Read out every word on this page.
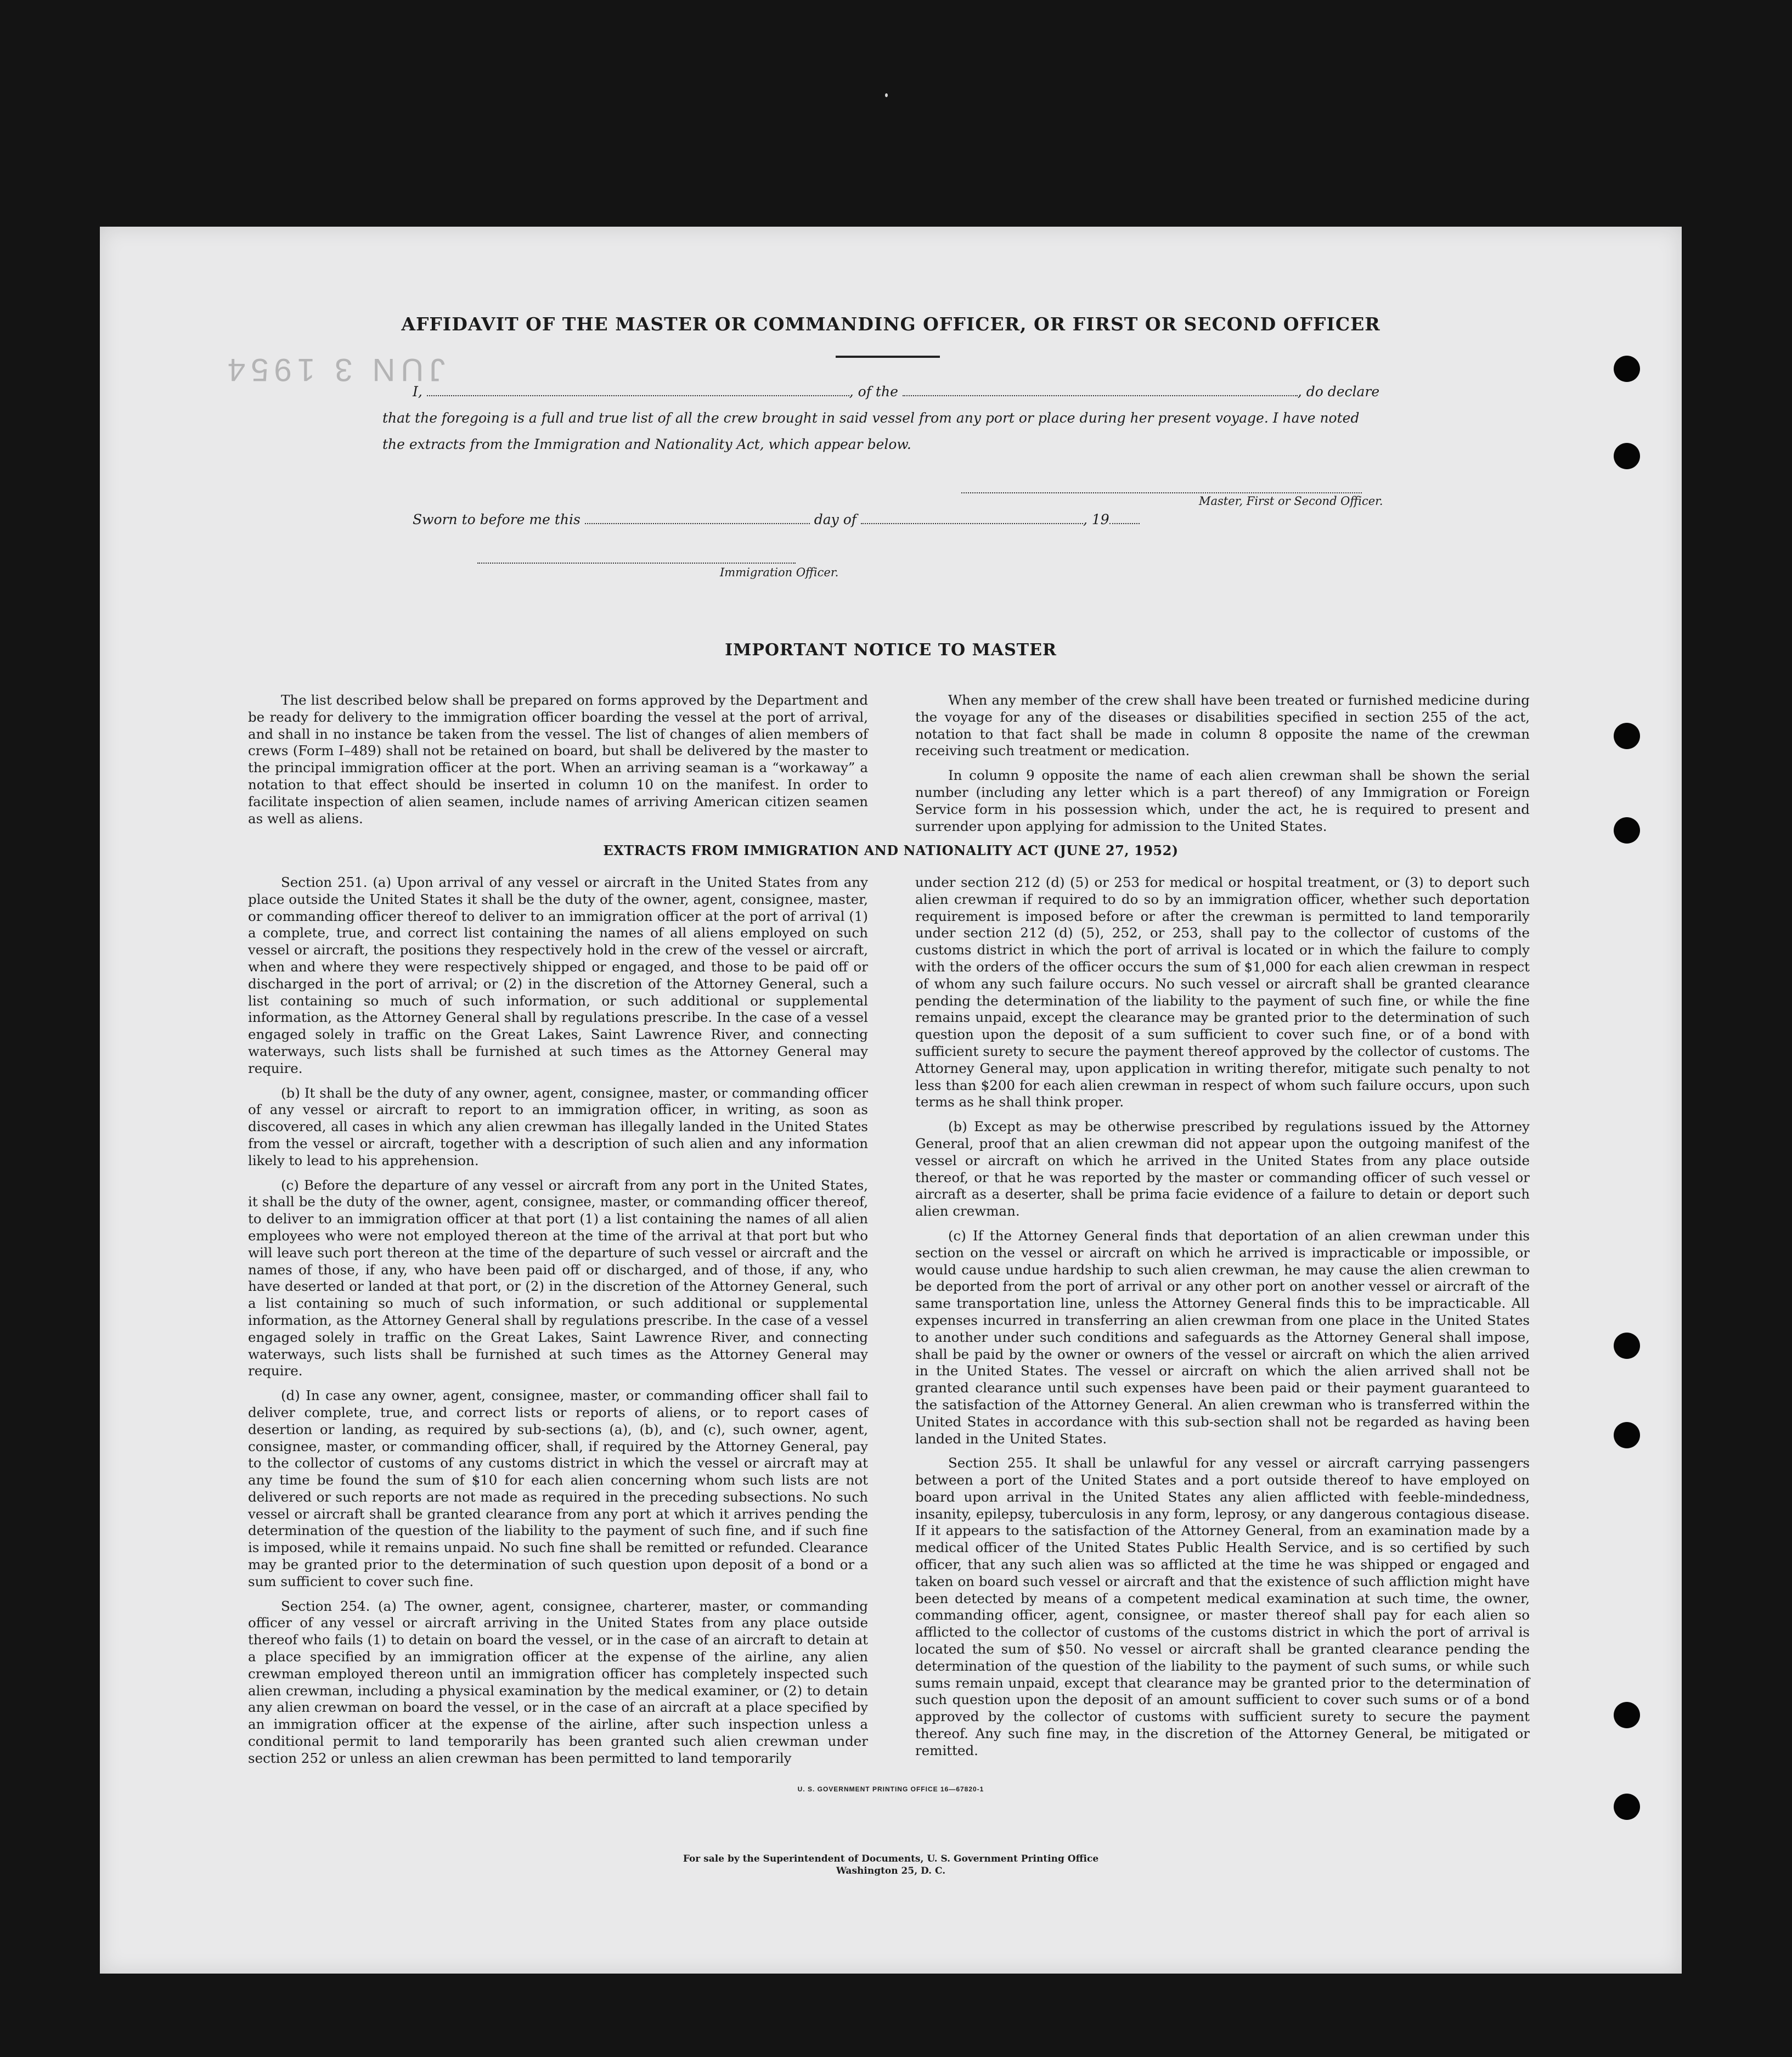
JUN 3 1954
AFFIDAVIT OF THE MASTER OR COMMANDING OFFICER, OR FIRST OR SECOND OFFICER
I,	, of the	, do declare
that the foregoing is a full and true list of all the crew brought in said vessel from any port or place during her present voyage. I have noted
the extracts from the Immigration and Nationality Act, which appear below.
Master, First or Second Officer.
Sworn to before me this	day of	, 19
Immigration Officer.
IMPORTANT NOTICE TO MASTER

The list described below shall be prepared on forms approved by the Department and be ready for delivery to the immigration officer boarding the vessel at the port of arrival, and shall in no instance be taken from the vessel. The list of changes of alien members of crews (Form I–489) shall not be retained on board, but shall be delivered by the master to the principal immigration officer at the port. When an arriving seaman is a “workaway” a notation to that effect should be inserted in column 10 on the manifest. In order to facilitate inspection of alien seamen, include names of arriving American citizen seamen as well as aliens.

When any member of the crew shall have been treated or furnished medicine during the voyage for any of the diseases or disabilities specified in section 255 of the act, notation to that fact shall be made in column 8 opposite the name of the crewman receiving such treatment or medication.

In column 9 opposite the name of each alien crewman shall be shown the serial number (including any letter which is a part thereof) of any Immigration or Foreign Service form in his possession which, under the act, he is required to present and surrender upon applying for admission to the United States.

EXTRACTS FROM IMMIGRATION AND NATIONALITY ACT (JUNE 27, 1952)

Section 251. (a) Upon arrival of any vessel or aircraft in the United States from any place outside the United States it shall be the duty of the owner, agent, consignee, master, or commanding officer thereof to deliver to an immigration officer at the port of arrival (1) a complete, true, and correct list containing the names of all aliens employed on such vessel or aircraft, the positions they respectively hold in the crew of the vessel or aircraft, when and where they were respectively shipped or engaged, and those to be paid off or discharged in the port of arrival; or (2) in the discretion of the Attorney General, such a list containing so much of such information, or such additional or supplemental information, as the Attorney General shall by regulations prescribe. In the case of a vessel engaged solely in traffic on the Great Lakes, Saint Lawrence River, and connecting waterways, such lists shall be furnished at such times as the Attorney General may require.

(b) It shall be the duty of any owner, agent, consignee, master, or commanding officer of any vessel or aircraft to report to an immigration officer, in writing, as soon as discovered, all cases in which any alien crewman has illegally landed in the United States from the vessel or aircraft, together with a description of such alien and any information likely to lead to his apprehension.

(c) Before the departure of any vessel or aircraft from any port in the United States, it shall be the duty of the owner, agent, consignee, master, or commanding officer thereof, to deliver to an immigration officer at that port (1) a list containing the names of all alien employees who were not employed thereon at the time of the arrival at that port but who will leave such port thereon at the time of the departure of such vessel or aircraft and the names of those, if any, who have been paid off or discharged, and of those, if any, who have deserted or landed at that port, or (2) in the discretion of the Attorney General, such a list containing so much of such information, or such additional or supplemental information, as the Attorney General shall by regulations prescribe. In the case of a vessel engaged solely in traffic on the Great Lakes, Saint Lawrence River, and connecting waterways, such lists shall be furnished at such times as the Attorney General may require.

(d) In case any owner, agent, consignee, master, or commanding officer shall fail to deliver complete, true, and correct lists or reports of aliens, or to report cases of desertion or landing, as required by sub-sections (a), (b), and (c), such owner, agent, consignee, master, or commanding officer, shall, if required by the Attorney General, pay to the collector of customs of any customs district in which the vessel or aircraft may at any time be found the sum of $10 for each alien concerning whom such lists are not delivered or such reports are not made as required in the preceding subsections. No such vessel or aircraft shall be granted clearance from any port at which it arrives pending the determination of the question of the liability to the payment of such fine, and if such fine is imposed, while it remains unpaid. No such fine shall be remitted or refunded. Clearance may be granted prior to the determination of such question upon deposit of a bond or a sum sufficient to cover such fine.

Section 254. (a) The owner, agent, consignee, charterer, master, or commanding officer of any vessel or aircraft arriving in the United States from any place outside thereof who fails (1) to detain on board the vessel, or in the case of an aircraft to detain at a place specified by an immigration officer at the expense of the airline, any alien crewman employed thereon until an immigration officer has completely inspected such alien crewman, including a physical examination by the medical examiner, or (2) to detain any alien crewman on board the vessel, or in the case of an aircraft at a place specified by an immigration officer at the expense of the airline, after such inspection unless a conditional permit to land temporarily has been granted such alien crewman under section 252 or unless an alien crewman has been permitted to land temporarily

under section 212 (d) (5) or 253 for medical or hospital treatment, or (3) to deport such alien crewman if required to do so by an immigration officer, whether such deportation requirement is imposed before or after the crewman is permitted to land temporarily under section 212 (d) (5), 252, or 253, shall pay to the collector of customs of the customs district in which the port of arrival is located or in which the failure to comply with the orders of the officer occurs the sum of $1,000 for each alien crewman in respect of whom any such failure occurs. No such vessel or aircraft shall be granted clearance pending the determination of the liability to the payment of such fine, or while the fine remains unpaid, except the clearance may be granted prior to the determination of such question upon the deposit of a sum sufficient to cover such fine, or of a bond with sufficient surety to secure the payment thereof approved by the collector of customs. The Attorney General may, upon application in writing therefor, mitigate such penalty to not less than $200 for each alien crewman in respect of whom such failure occurs, upon such terms as he shall think proper.

(b) Except as may be otherwise prescribed by regulations issued by the Attorney General, proof that an alien crewman did not appear upon the outgoing manifest of the vessel or aircraft on which he arrived in the United States from any place outside thereof, or that he was reported by the master or commanding officer of such vessel or aircraft as a deserter, shall be prima facie evidence of a failure to detain or deport such alien crewman.

(c) If the Attorney General finds that deportation of an alien crewman under this section on the vessel or aircraft on which he arrived is impracticable or impossible, or would cause undue hardship to such alien crewman, he may cause the alien crewman to be deported from the port of arrival or any other port on another vessel or aircraft of the same transportation line, unless the Attorney General finds this to be impracticable. All expenses incurred in transferring an alien crewman from one place in the United States to another under such conditions and safeguards as the Attorney General shall impose, shall be paid by the owner or owners of the vessel or aircraft on which the alien arrived in the United States. The vessel or aircraft on which the alien arrived shall not be granted clearance until such expenses have been paid or their payment guaranteed to the satisfaction of the Attorney General. An alien crewman who is transferred within the United States in accordance with this sub-section shall not be regarded as having been landed in the United States.

Section 255. It shall be unlawful for any vessel or aircraft carrying passengers between a port of the United States and a port outside thereof to have employed on board upon arrival in the United States any alien afflicted with feeble-mindedness, insanity, epilepsy, tuberculosis in any form, leprosy, or any dangerous contagious disease. If it appears to the satisfaction of the Attorney General, from an examination made by a medical officer of the United States Public Health Service, and is so certified by such officer, that any such alien was so afflicted at the time he was shipped or engaged and taken on board such vessel or aircraft and that the existence of such affliction might have been detected by means of a competent medical examination at such time, the owner, commanding officer, agent, consignee, or master thereof shall pay for each alien so afflicted to the collector of customs of the customs district in which the port of arrival is located the sum of $50. No vessel or aircraft shall be granted clearance pending the determination of the question of the liability to the payment of such sums, or while such sums remain unpaid, except that clearance may be granted prior to the determination of such question upon the deposit of an amount sufficient to cover such sums or of a bond approved by the collector of customs with sufficient surety to secure the payment thereof. Any such fine may, in the discretion of the Attorney General, be mitigated or remitted.

U. S. GOVERNMENT PRINTING OFFICE 16—67820-1
For sale by the Superintendent of Documents, U. S. Government Printing Office
Washington 25, D. C.
